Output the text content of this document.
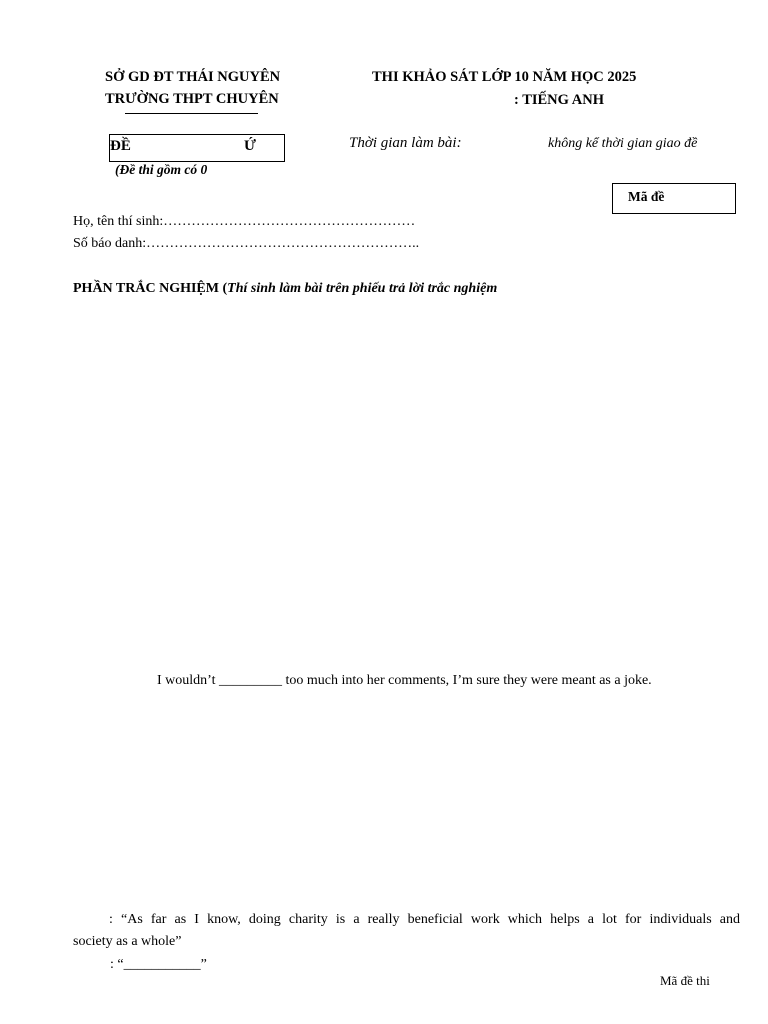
SỞ GD ĐT THÁI NGUYÊN
TRƯỜNG THPT CHUYÊN
THI KHẢO SÁT LỚP 10 NĂM HỌC 2025
: TIẾNG ANH
ĐỀ	Ứ	Thời gian làm bài:	không kể thời gian giao đề
(Đề thi gồm có 0
Mã đề
Họ, tên thí sinh:………………………………………………
Số báo danh:…………………………………………………..
PHẦN TRẮC NGHIỆM (Thí sinh làm bài trên phiếu trả lời trắc nghiệm
I wouldn’t _________ too much into her comments, I’m sure they were meant as a joke.
: “As far as I know, doing charity is a really beneficial work which helps a lot for individuals and
society as a whole”
: “___________”
Mã đề thi
